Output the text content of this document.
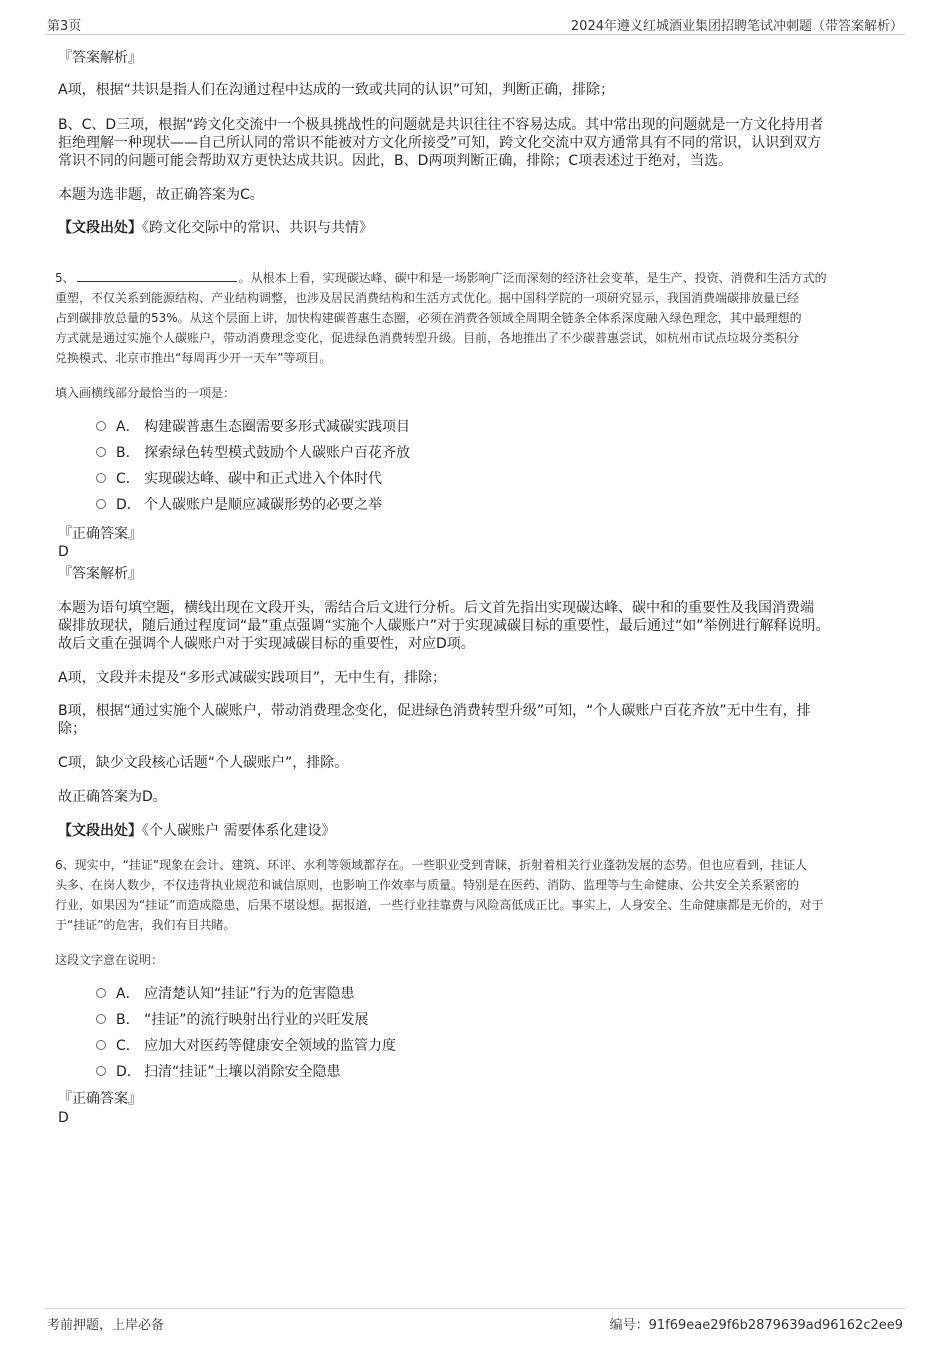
第3页	2024年遵义红城酒业集团招聘笔试冲刺题（带答案解析）
『答案解析』
A项，根据“共识是指人们在沟通过程中达成的一致或共同的认识”可知，判断正确，排除；
B、C、D三项，根据“跨文化交流中一个极具挑战性的问题就是共识往往不容易达成。其中常出现的问题就是一方文化持用者
拒绝理解一种现状——自己所认同的常识不能被对方文化所接受”可知，跨文化交流中双方通常具有不同的常识，认识到双方
常识不同的问题可能会帮助双方更快达成共识。因此，B、D两项判断正确，排除；C项表述过于绝对，当选。
本题为选非题，故正确答案为C。
【文段出处】《跨文化交际中的常识、共识与共情》
5、	。从根本上看，实现碳达峰、碳中和是一场影响广泛而深刻的经济社会变革，是生产、投资、消费和生活方式的
重塑，不仅关系到能源结构、产业结构调整，也涉及居民消费结构和生活方式优化。据中国科学院的一项研究显示，我国消费端碳排放量已经
占到碳排放总量的53%。从这个层面上讲，加快构建碳普惠生态圈，必须在消费各领域全周期全链条全体系深度融入绿色理念，其中最理想的
方式就是通过实施个人碳账户，带动消费理念变化，促进绿色消费转型升级。目前，各地推出了不少碳普惠尝试，如杭州市试点垃圾分类积分
兑换模式、北京市推出“每周再少开一天车”等项目。
填入画横线部分最恰当的一项是：
A． 构建碳普惠生态圈需要多形式减碳实践项目
B． 探索绿色转型模式鼓励个人碳账户百花齐放
C． 实现碳达峰、碳中和正式进入个体时代
D． 个人碳账户是顺应减碳形势的必要之举
『正确答案』
D
『答案解析』
本题为语句填空题，横线出现在文段开头，需结合后文进行分析。后文首先指出实现碳达峰、碳中和的重要性及我国消费端
碳排放现状，随后通过程度词“最”重点强调“实施个人碳账户”对于实现减碳目标的重要性，最后通过“如”举例进行解释说明。
故后文重在强调个人碳账户对于实现减碳目标的重要性，对应D项。
A项，文段并未提及“多形式减碳实践项目”，无中生有，排除；
B项，根据“通过实施个人碳账户，带动消费理念变化，促进绿色消费转型升级”可知，“个人碳账户百花齐放”无中生有，排
除；
C项，缺少文段核心话题“个人碳账户”，排除。
故正确答案为D。
【文段出处】《个人碳账户 需要体系化建设》
6、现实中，“挂证”现象在会计、建筑、环评、水利等领域都存在。一些职业受到青睐，折射着相关行业蓬勃发展的态势。但也应看到，挂证人
头多、在岗人数少，不仅违背执业规范和诚信原则，也影响工作效率与质量。特别是在医药、消防、监理等与生命健康、公共安全关系紧密的
行业，如果因为“挂证”而造成隐患，后果不堪设想。据报道，一些行业挂靠费与风险高低成正比。事实上，人身安全、生命健康都是无价的，对于
于“挂证”的危害，我们有目共睹。
这段文字意在说明：
A． 应清楚认知“挂证”行为的危害隐患
B． “挂证”的流行映射出行业的兴旺发展
C． 应加大对医药等健康安全领域的监管力度
D． 扫清“挂证”土壤以消除安全隐患
『正确答案』
D
考前押题，上岸必备	编号：91f69eae29f6b2879639ad96162c2ee9
